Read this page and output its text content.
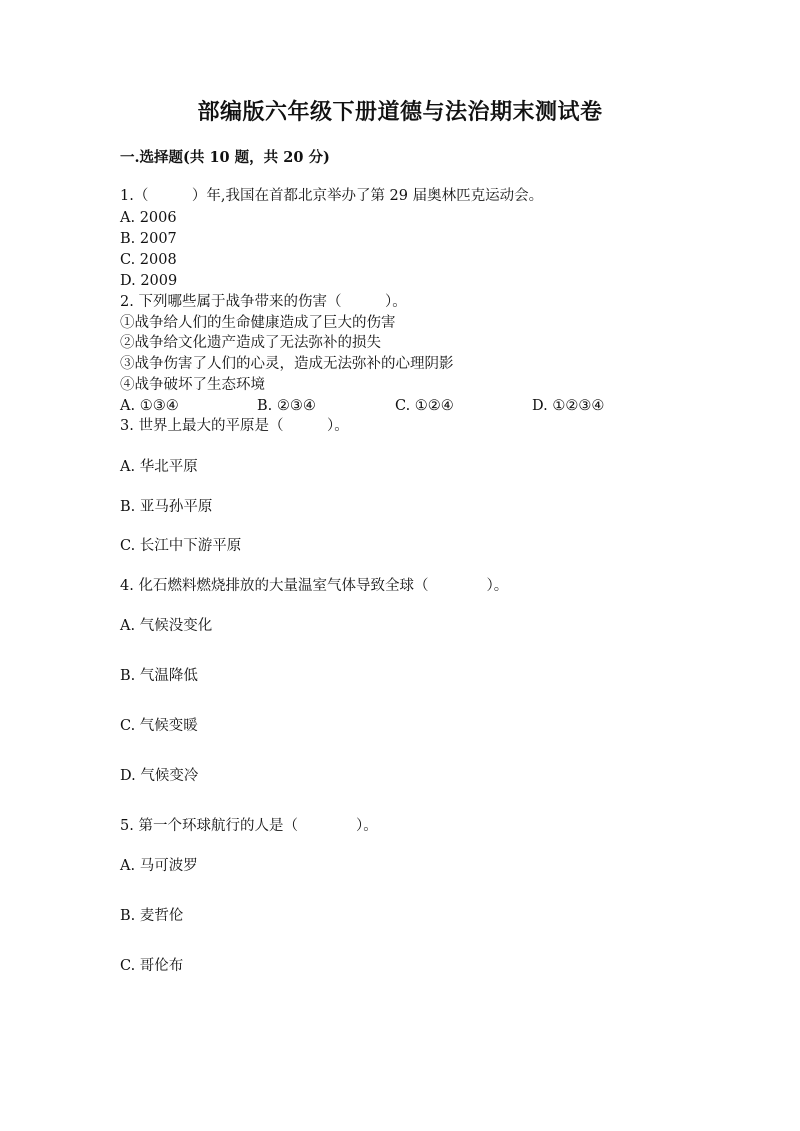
部编版六年级下册道德与法治期末测试卷
一.选择题(共 10 题，共 20 分)
1.（　　　）年,我国在首都北京举办了第 29 届奥林匹克运动会。
A. 2006
B. 2007
C. 2008
D. 2009
2. 下列哪些属于战争带来的伤害（　　　）。
①战争给人们的生命健康造成了巨大的伤害
②战争给文化遗产造成了无法弥补的损失
③战争伤害了人们的心灵，造成无法弥补的心理阴影
④战争破坏了生态环境
A. ①③④	B. ②③④	C. ①②④	D. ①②③④
3. 世界上最大的平原是（　　　）。
A. 华北平原
B. 亚马孙平原
C. 长江中下游平原
4. 化石燃料燃烧排放的大量温室气体导致全球（　　　　）。
A. 气候没变化
B. 气温降低
C. 气候变暖
D. 气候变冷
5. 第一个环球航行的人是（　　　　）。
A. 马可波罗
B. 麦哲伦
C. 哥伦布
